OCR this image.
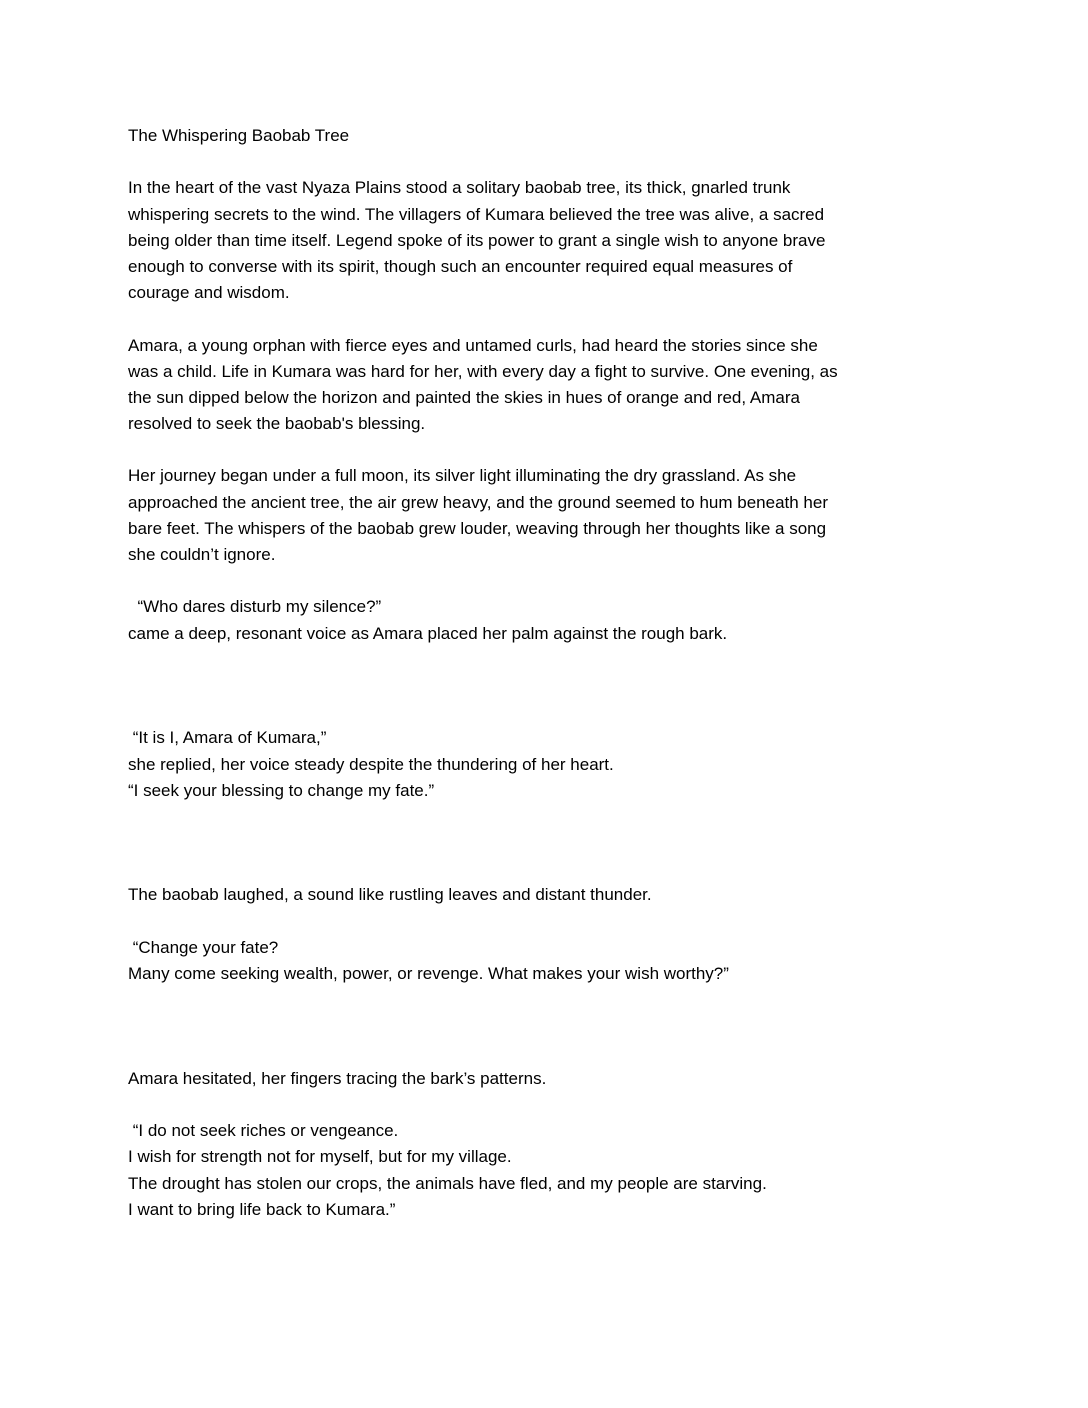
The Whispering Baobab Tree
In the heart of the vast Nyaza Plains stood a solitary baobab tree, its thick, gnarled trunk
whispering secrets to the wind. The villagers of Kumara believed the tree was alive, a sacred
being older than time itself. Legend spoke of its power to grant a single wish to anyone brave
enough to converse with its spirit, though such an encounter required equal measures of
courage and wisdom.
Amara, a young orphan with fierce eyes and untamed curls, had heard the stories since she
was a child. Life in Kumara was hard for her, with every day a fight to survive. One evening, as
the sun dipped below the horizon and painted the skies in hues of orange and red, Amara
resolved to seek the baobab's blessing.
Her journey began under a full moon, its silver light illuminating the dry grassland. As she
approached the ancient tree, the air grew heavy, and the ground seemed to hum beneath her
bare feet. The whispers of the baobab grew louder, weaving through her thoughts like a song
she couldn’t ignore.
“Who dares disturb my silence?”
came a deep, resonant voice as Amara placed her palm against the rough bark.
“It is I, Amara of Kumara,”
she replied, her voice steady despite the thundering of her heart.
“I seek your blessing to change my fate.”
The baobab laughed, a sound like rustling leaves and distant thunder.
“Change your fate?
Many come seeking wealth, power, or revenge. What makes your wish worthy?”
Amara hesitated, her fingers tracing the bark’s patterns.
“I do not seek riches or vengeance.
I wish for strength not for myself, but for my village.
The drought has stolen our crops, the animals have fled, and my people are starving.
I want to bring life back to Kumara.”
